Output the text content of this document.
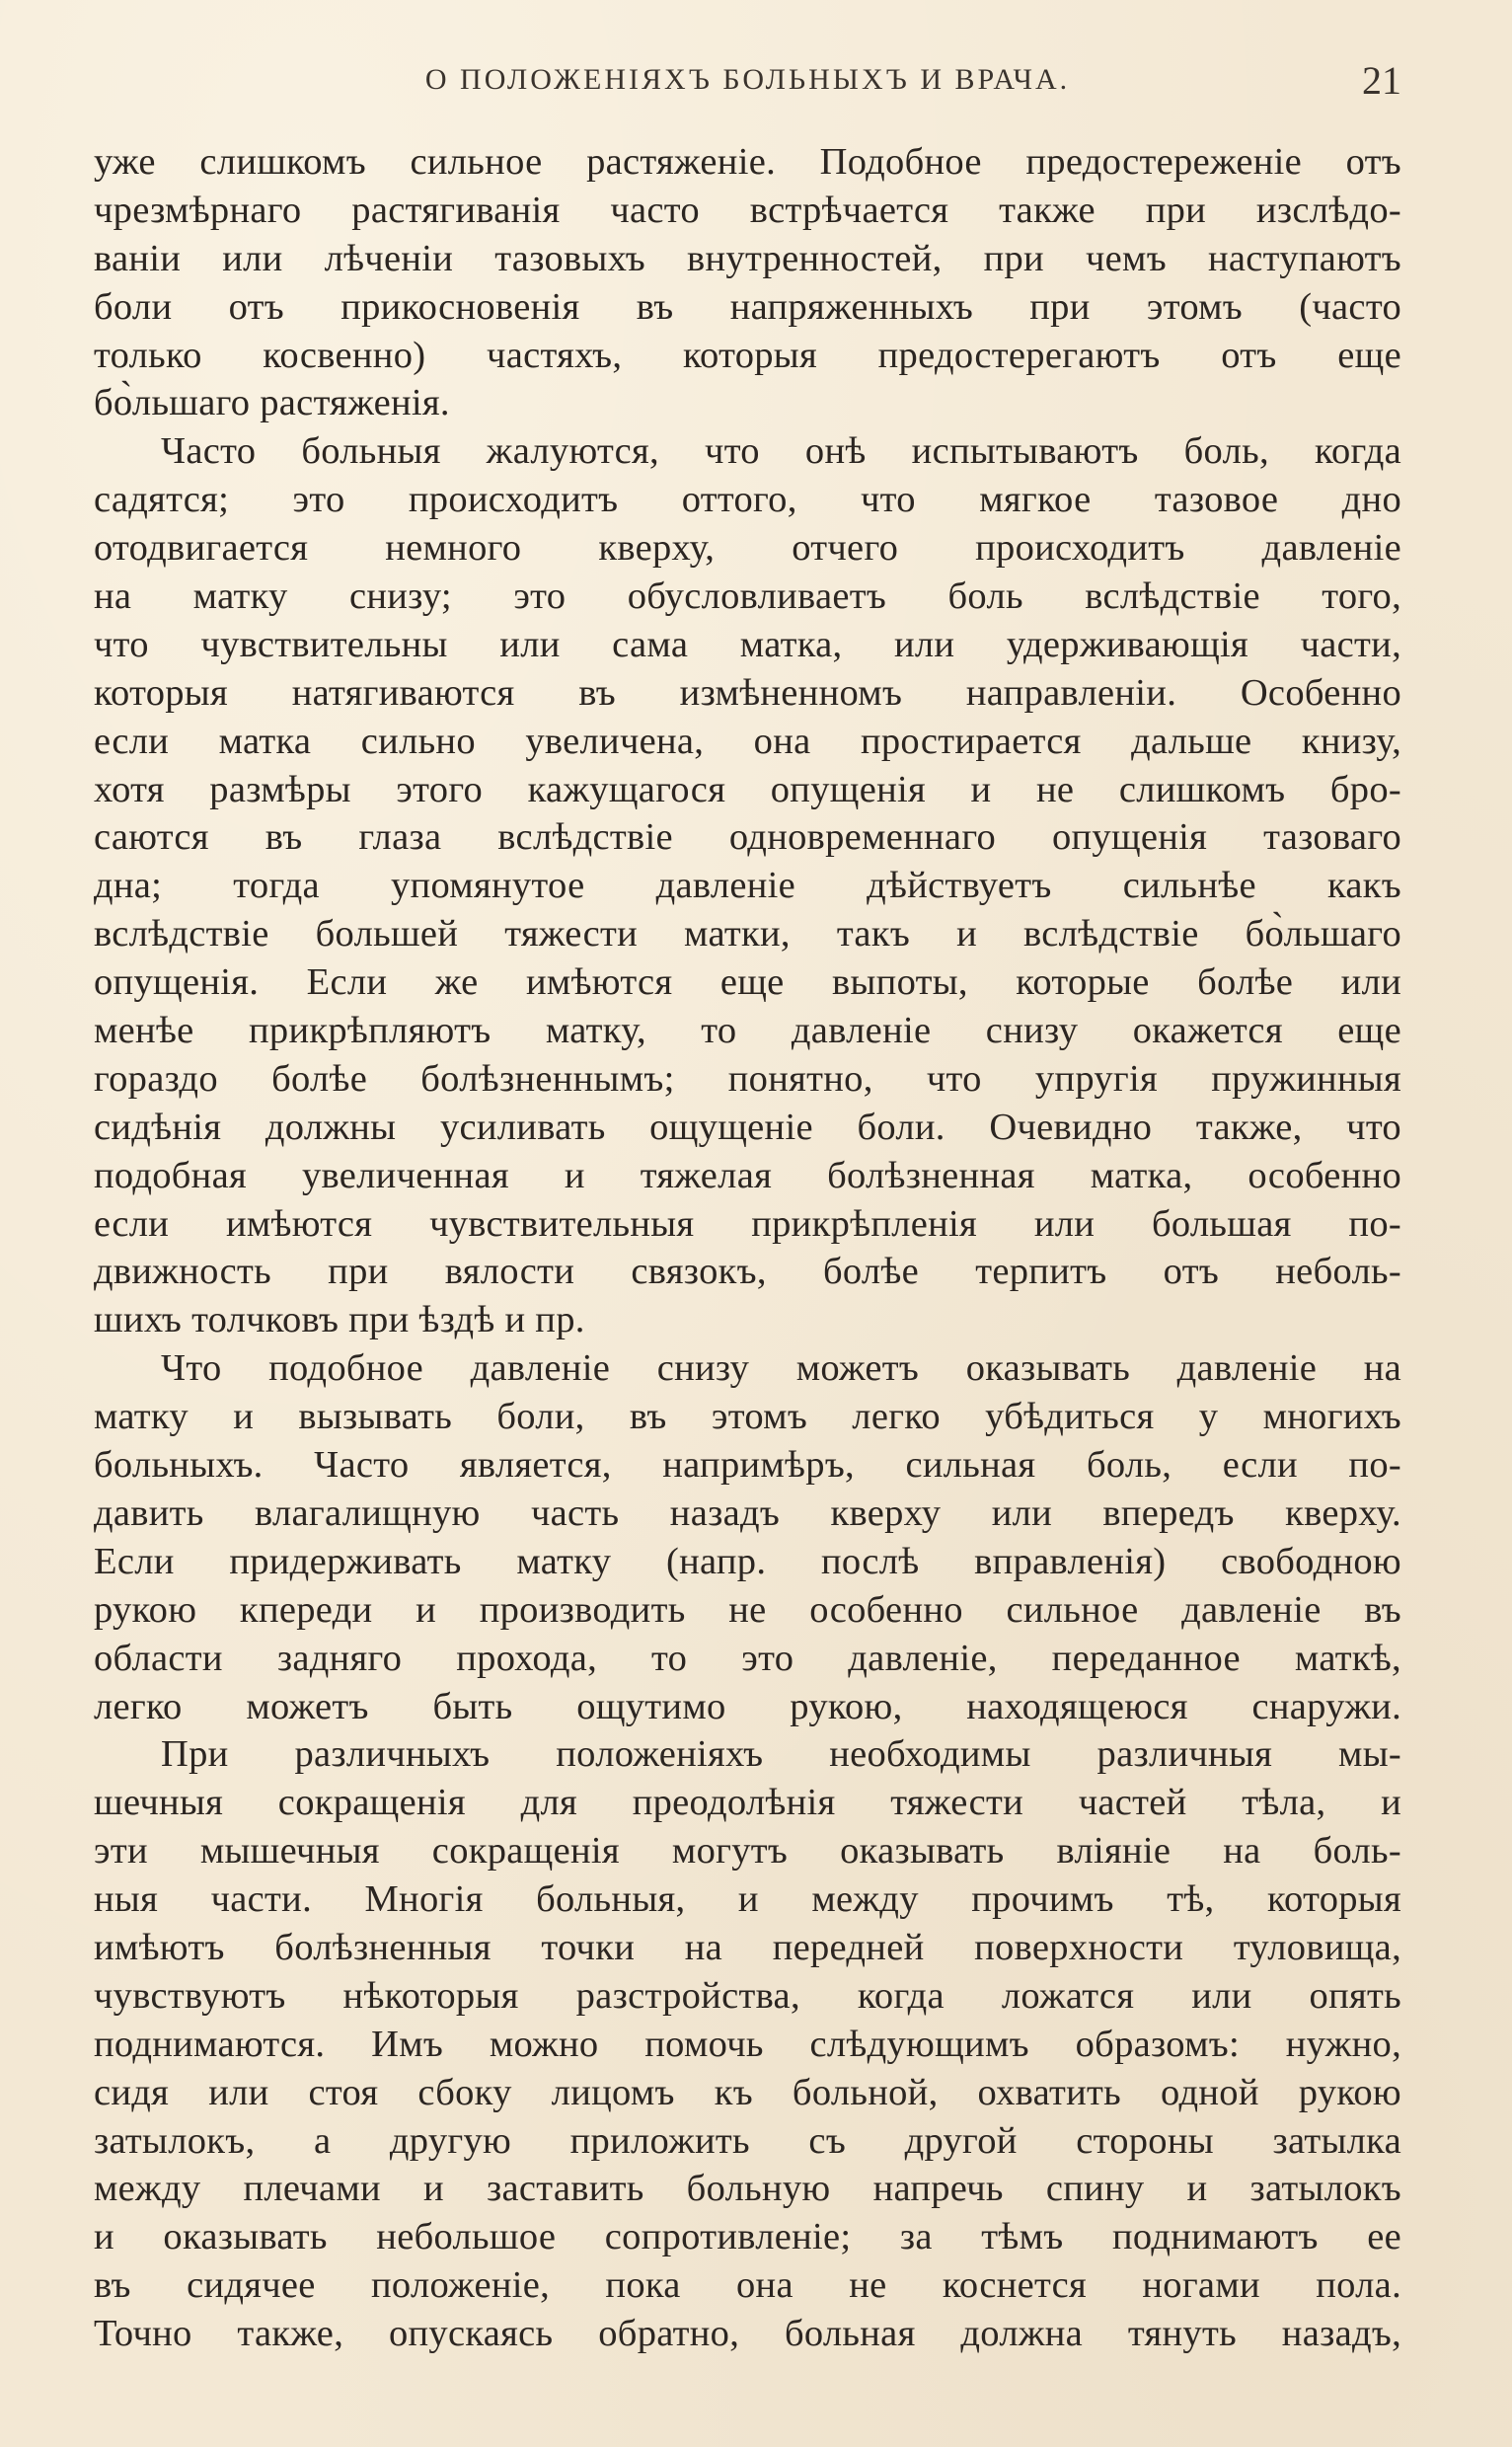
О ПОЛОЖЕНІЯХЪ БОЛЬНЫХЪ И ВРАЧА.	21
уже слишкомъ сильное растяженіе. Подобное предостереженіе отъ
чрезмѣрнаго растягиванія часто встрѣчается также при изслѣдо-
ваніи или лѣченіи тазовыхъ внутренностей, при чемъ наступаютъ
боли отъ прикосновенія въ напряженныхъ при этомъ (часто
только косвенно) частяхъ, которыя предостерегаютъ отъ еще
бо̀льшаго растяженія.
Часто больныя жалуются, что онѣ испытываютъ боль, когда
садятся; это происходитъ оттого, что мягкое тазовое дно
отодвигается немного кверху, отчего происходитъ давленіе
на матку снизу; это обусловливаетъ боль вслѣдствіе того,
что чувствительны или сама матка, или удерживающія части,
которыя натягиваются въ измѣненномъ направленіи. Особенно
если матка сильно увеличена, она простирается дальше книзу,
хотя размѣры этого кажущагося опущенія и не слишкомъ бро-
саются въ глаза вслѣдствіе одновременнаго опущенія тазоваго
дна; тогда упомянутое давленіе дѣйствуетъ сильнѣе какъ
вслѣдствіе большей тяжести матки, такъ и вслѣдствіе бо̀льшаго
опущенія. Если же имѣются еще выпоты, которые болѣе или
менѣе прикрѣпляютъ матку, то давленіе снизу окажется еще
гораздо болѣе болѣзненнымъ; понятно, что упругія пружинныя
сидѣнія должны усиливать ощущеніе боли. Очевидно также, что
подобная увеличенная и тяжелая болѣзненная матка, особенно
если имѣются чувствительныя прикрѣпленія или большая по-
движность при вялости связокъ, болѣе терпитъ отъ неболь-
шихъ толчковъ при ѣздѣ и пр.
Что подобное давленіе снизу можетъ оказывать давленіе на
матку и вызывать боли, въ этомъ легко убѣдиться у многихъ
больныхъ. Часто является, напримѣръ, сильная боль, если по-
давить влагалищную часть назадъ кверху или впередъ кверху.
Если придерживать матку (напр. послѣ вправленія) свободною
рукою кпереди и производить не особенно сильное давленіе въ
области задняго прохода, то это давленіе, переданное маткѣ,
легко можетъ быть ощутимо рукою, находящеюся снаружи.
При различныхъ положеніяхъ необходимы различныя мы-
шечныя сокращенія для преодолѣнія тяжести частей тѣла, и
эти мышечныя сокращенія могутъ оказывать вліяніе на боль-
ныя части. Многія больныя, и между прочимъ тѣ, которыя
имѣютъ болѣзненныя точки на передней поверхности туловища,
чувствуютъ нѣкоторыя разстройства, когда ложатся или опять
поднимаются. Имъ можно помочь слѣдующимъ образомъ: нужно,
сидя или стоя сбоку лицомъ къ больной, охватить одной рукою
затылокъ, а другую приложить съ другой стороны затылка
между плечами и заставить больную напречь спину и затылокъ
и оказывать небольшое сопротивленіе; за тѣмъ поднимаютъ ее
въ сидячее положеніе, пока она не коснется ногами пола.
Точно также, опускаясь обратно, больная должна тянуть назадъ,
